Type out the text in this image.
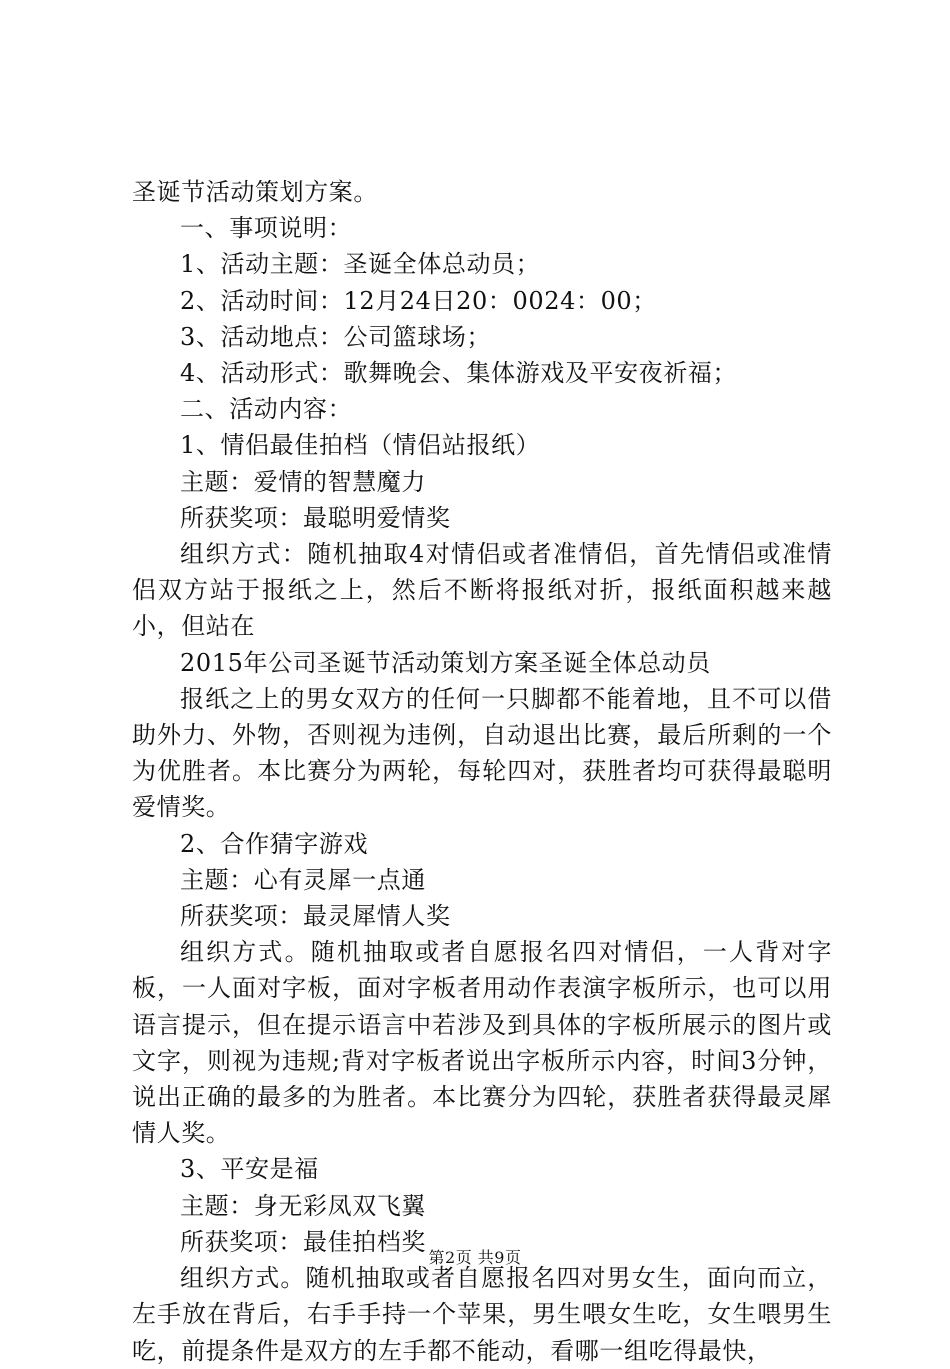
圣诞节活动策划方案。

一、事项说明：

1、活动主题：圣诞全体总动员；

2、活动时间：12月24日20：0024：00；

3、活动地点：公司篮球场；

4、活动形式：歌舞晚会、集体游戏及平安夜祈福；

二、活动内容：

1、情侣最佳拍档（情侣站报纸）

主题：爱情的智慧魔力

所获奖项：最聪明爱情奖

组织方式：随机抽取4对情侣或者准情侣，首先情侣或准情侣双方站于报纸之上，然后不断将报纸对折，报纸面积越来越小，但站在

2015年公司圣诞节活动策划方案圣诞全体总动员

报纸之上的男女双方的任何一只脚都不能着地，且不可以借助外力、外物，否则视为违例，自动退出比赛，最后所剩的一个为优胜者。本比赛分为两轮，每轮四对，获胜者均可获得最聪明爱情奖。

2、合作猜字游戏

主题：心有灵犀一点通

所获奖项：最灵犀情人奖

组织方式。随机抽取或者自愿报名四对情侣，一人背对字板，一人面对字板，面对字板者用动作表演字板所示，也可以用语言提示，但在提示语言中若涉及到具体的字板所展示的图片或文字，则视为违规;背对字板者说出字板所示内容，时间3分钟，说出正确的最多的为胜者。本比赛分为四轮，获胜者获得最灵犀情人奖。

3、平安是福

主题：身无彩凤双飞翼

所获奖项：最佳拍档奖

组织方式。随机抽取或者自愿报名四对男女生，面向而立，左手放在背后，右手手持一个苹果，男生喂女生吃，女生喂男生吃，前提条件是双方的左手都不能动，看哪一组吃得最快，

第2页 共9页
